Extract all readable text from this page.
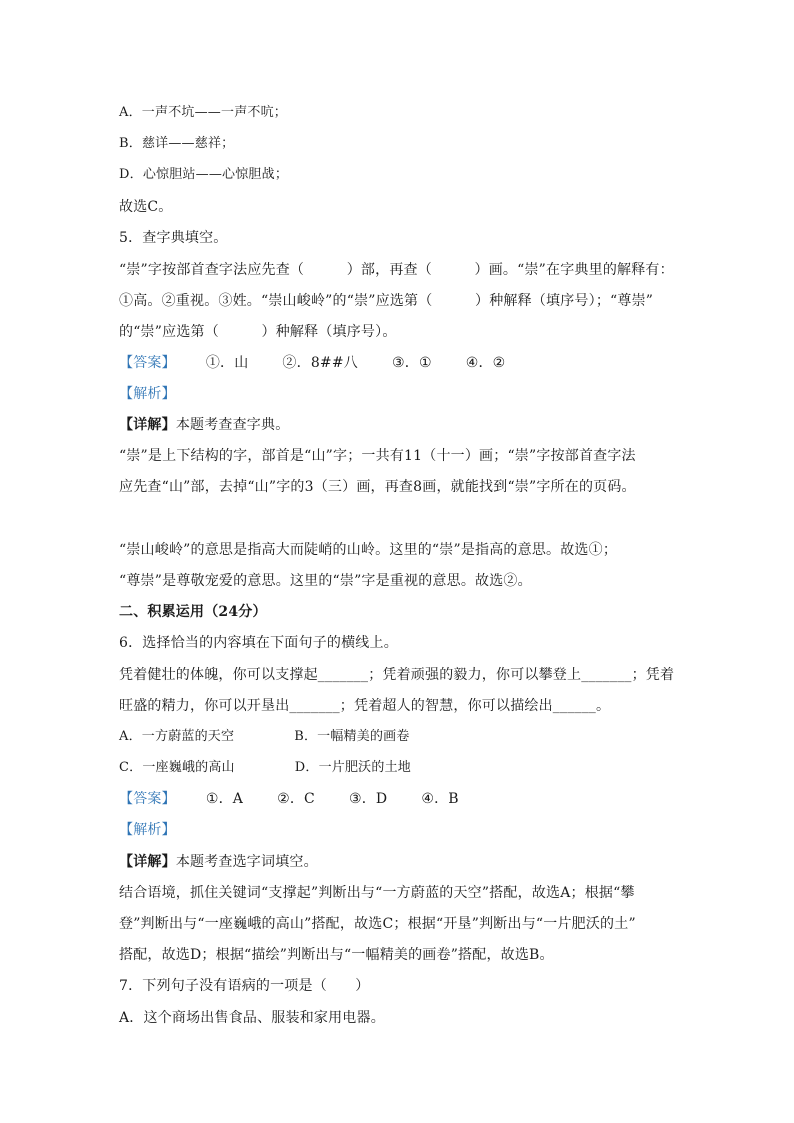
A．一声不坑——一声不吭；
B．慈详——慈祥；
D．心惊胆站——心惊胆战；
故选C。
5．查字典填空。
“崇”字按部首查字法应先查（　　　）部，再查（　　　）画。“崇”在字典里的解释有：
①高。②重视。③姓。“崇山峻岭”的“崇”应选第（　　　）种解释（填序号）；“尊崇”
的“崇”应选第（　　　）种解释（填序号）。
【答案】 ①．山 ②．8##八 ③．① ④．②
【解析】
【详解】本题考查查字典。
“崇”是上下结构的字，部首是“山”字；一共有11（十一）画；“崇”字按部首查字法
应先查“山”部，去掉“山”字的3（三）画，再查8画，就能找到“崇”字所在的页码。
“崇山峻岭”的意思是指高大而陡峭的山岭。这里的“崇”是指高的意思。故选①；
“尊崇”是尊敬宠爱的意思。这里的“崇”字是重视的意思。故选②。
二、积累运用（24分）
6．选择恰当的内容填在下面句子的横线上。
凭着健壮的体魄，你可以支撑起_______；凭着顽强的毅力，你可以攀登上_______；凭着
旺盛的精力，你可以开垦出_______；凭着超人的智慧，你可以描绘出______。
A．一方蔚蓝的天空	B．一幅精美的画卷
C．一座巍峨的高山	D．一片肥沃的土地
【答案】 ①．A ②．C ③．D ④．B
【解析】
【详解】本题考查选字词填空。
结合语境，抓住关键词“支撑起”判断出与“一方蔚蓝的天空”搭配，故选A；根据“攀
登”判断出与“一座巍峨的高山”搭配，故选C；根据“开垦”判断出与“一片肥沃的土”
搭配，故选D；根据“描绘”判断出与“一幅精美的画卷”搭配，故选B。
7．下列句子没有语病的一项是（　　）
A．这个商场出售食品、服装和家用电器。
